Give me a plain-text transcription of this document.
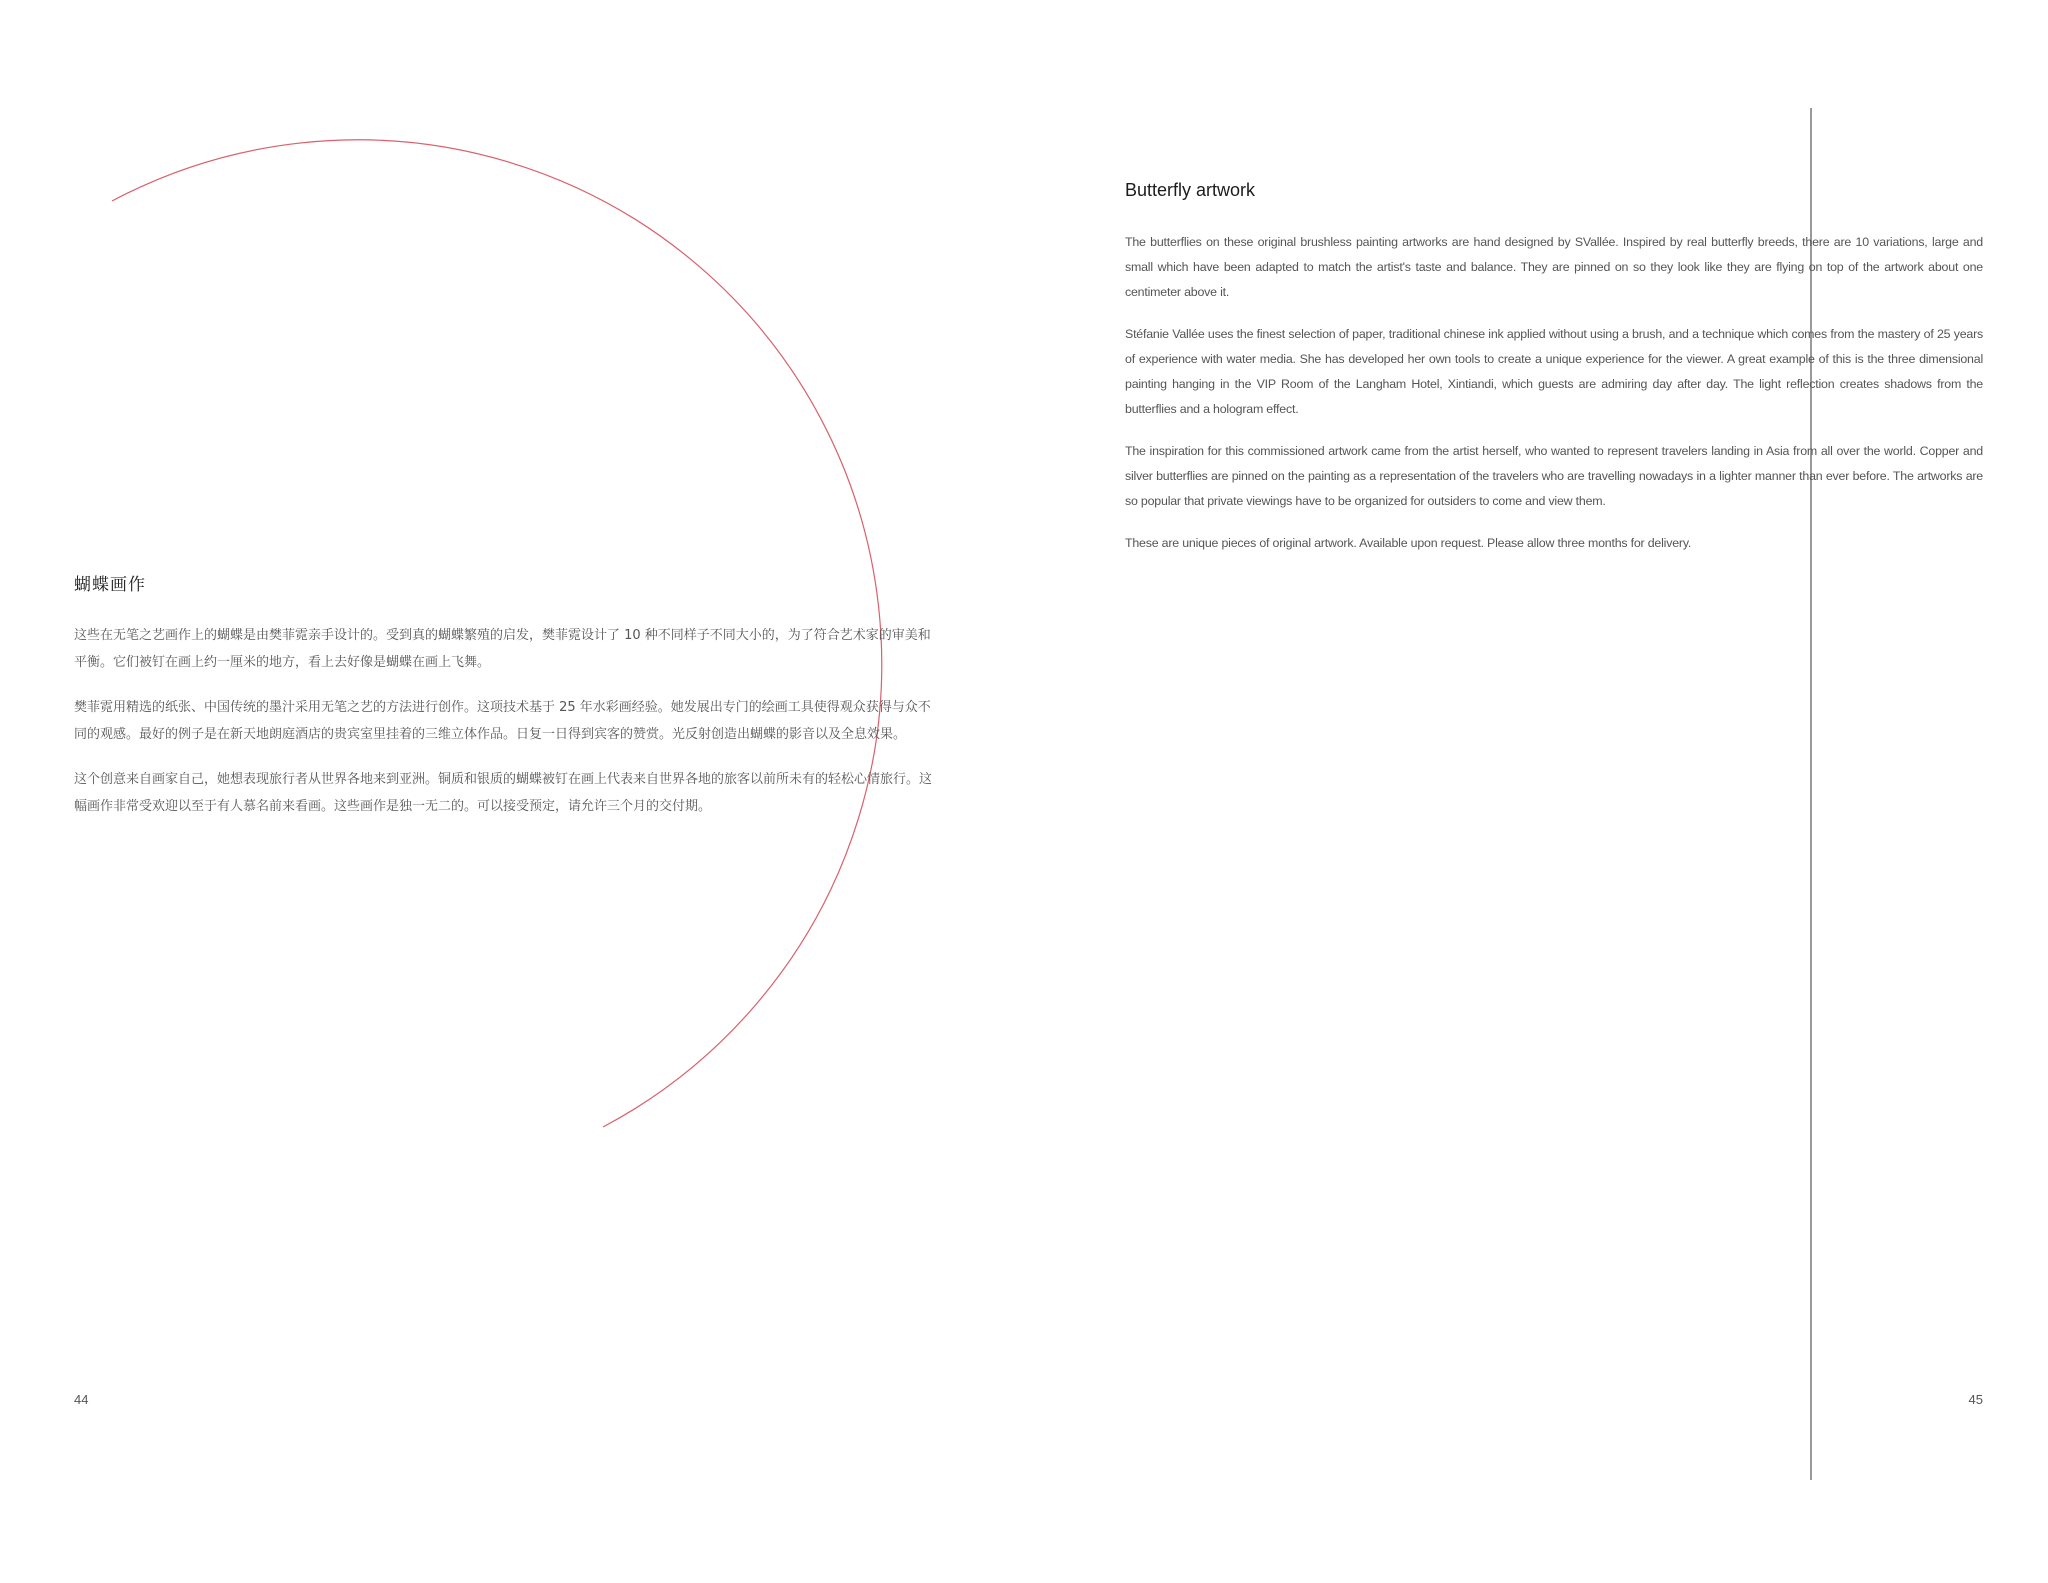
蝴蝶画作

这些在无笔之艺画作上的蝴蝶是由樊菲霓亲手设计的。受到真的蝴蝶繁殖的启发，樊菲霓设计了 10 种不同样子不同大小的，为了符合艺术家的审美和平衡。它们被钉在画上约一厘米的地方，看上去好像是蝴蝶在画上飞舞。

樊菲霓用精选的纸张、中国传统的墨汁采用无笔之艺的方法进行创作。这项技术基于 25 年水彩画经验。她发展出专门的绘画工具使得观众获得与众不同的观感。最好的例子是在新天地朗庭酒店的贵宾室里挂着的三维立体作品。日复一日得到宾客的赞赏。光反射创造出蝴蝶的影音以及全息效果。

这个创意来自画家自己，她想表现旅行者从世界各地来到亚洲。铜质和银质的蝴蝶被钉在画上代表来自世界各地的旅客以前所未有的轻松心情旅行。这幅画作非常受欢迎以至于有人慕名前来看画。这些画作是独一无二的。可以接受预定，请允许三个月的交付期。

Butterfly artwork

The butterflies on these original brushless painting artworks are hand designed by SVallée. Inspired by real butterfly breeds, there are 10 variations, large and small which have been adapted to match the artist's taste and balance. They are pinned on so they look like they are flying on top of the artwork about one centimeter above it.

Stéfanie Vallée uses the finest selection of paper, traditional chinese ink applied without using a brush, and a technique which comes from the mastery of 25 years of experience with water media. She has developed her own tools to create a unique experience for the viewer. A great example of this is the three dimensional painting hanging in the VIP Room of the Langham Hotel, Xintiandi, which guests are admiring day after day. The light reflection creates shadows from the butterflies and a hologram effect.

The inspiration for this commissioned artwork came from the artist herself, who wanted to represent travelers landing in Asia from all over the world. Copper and silver butterflies are pinned on the painting as a representation of the travelers who are travelling nowadays in a lighter manner than ever before. The artworks are so popular that private viewings have to be organized for outsiders to come and view them.

These are unique pieces of original artwork. Available upon request. Please allow three months for delivery.

44	45
